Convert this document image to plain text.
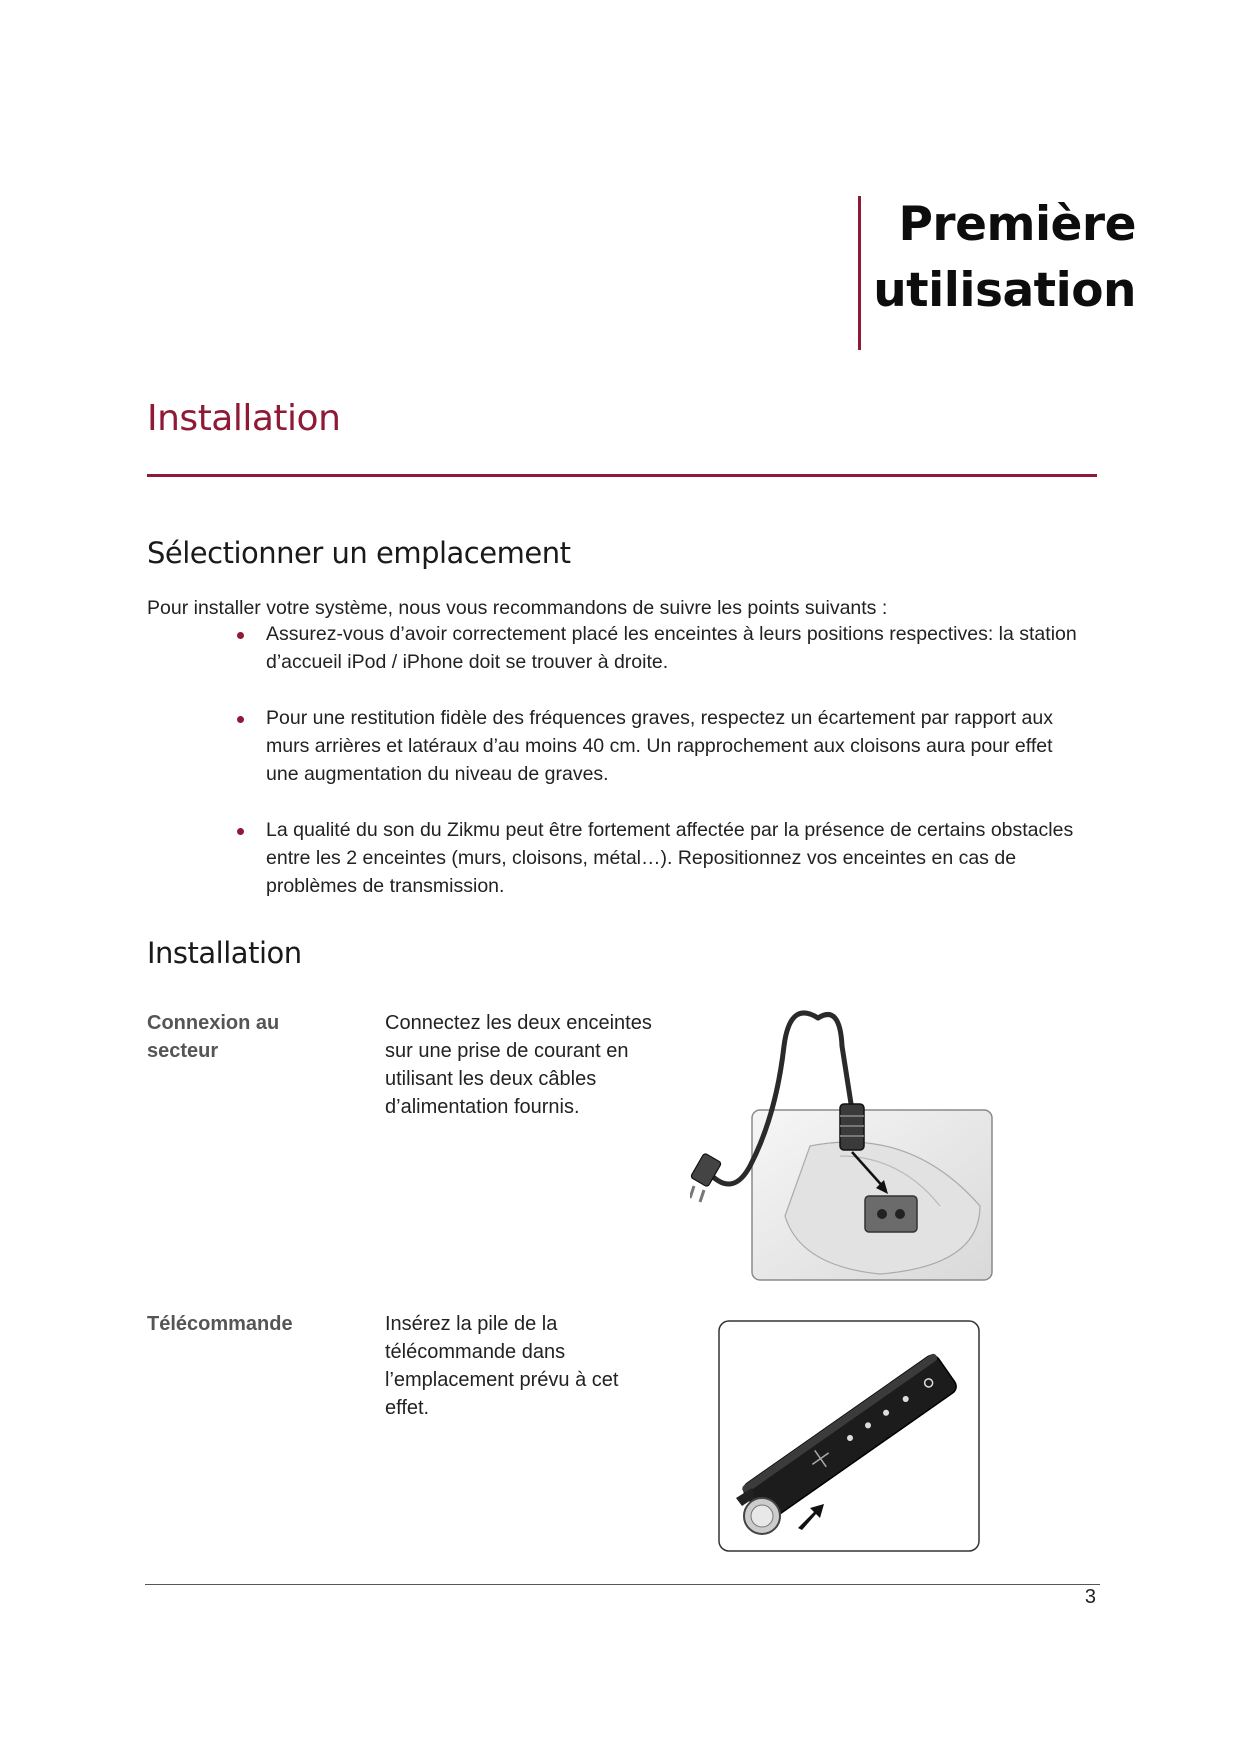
Première
utilisation
Installation
Sélectionner un emplacement
Pour installer votre système, nous vous recommandons de suivre les points suivants :
Assurez-vous d’avoir correctement placé les enceintes à leurs positions respectives: la station d’accueil iPod / iPhone doit se trouver à droite.
Pour une restitution fidèle des fréquences graves, respectez un écartement par rapport aux murs arrières et latéraux d’au moins 40 cm. Un rapprochement aux cloisons aura pour effet une augmentation du niveau de graves.
La qualité du son du Zikmu peut être fortement affectée par la présence de certains obstacles entre les 2 enceintes (murs, cloisons, métal…). Repositionnez vos enceintes en cas de problèmes de transmission.
Installation
Connexion au
secteur
Connectez les deux enceintes sur une prise de courant en utilisant les deux câbles d’alimentation fournis.
Télécommande	Insérez la pile de la télécommande dans l’emplacement prévu à cet effet.
3
